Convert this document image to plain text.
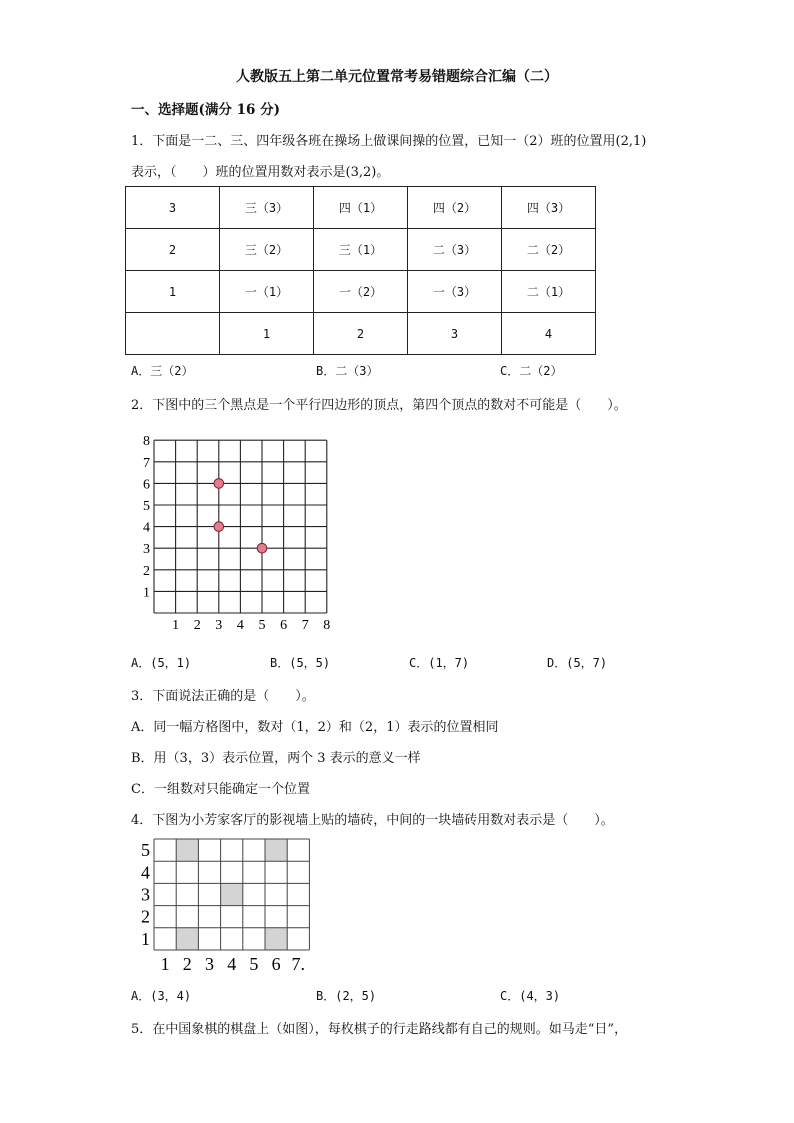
人教版五上第二单元位置常考易错题综合汇编（二）
一、选择题(满分 16 分)
1．下面是一二、三、四年级各班在操场上做课间操的位置，已知一（2）班的位置用(2,1)
表示，（　　）班的位置用数对表示是(3,2)。
3	三（3）	四（1）	四（2）	四（3）
2	三（2）	三（1）	二（3）	二（2）
1	一（1）	一（2）	一（3）	二（1）
	1	2	3	4
A．三（2）	B．二（3）	C．二（2）
2．下图中的三个黑点是一个平行四边形的顶点，第四个顶点的数对不可能是（　　）。
1 2 3 4 5 6 7 8
8
7
6
5
4
3
2
1
A．(5，1)	B．(5，5)	C．(1，7)	D．(5，7)
3．下面说法正确的是（　　）。
A．同一幅方格图中，数对（1，2）和（2，1）表示的位置相同
B．用（3，3）表示位置，两个 3 表示的意义一样
C．一组数对只能确定一个位置
4．下图为小芳家客厅的影视墙上贴的墙砖，中间的一块墙砖用数对表示是（　　）。
1 2 3 4 5 6 7.
5
4
3
2
1
A．(3，4)	B．(2，5)	C．(4，3)
5．在中国象棋的棋盘上（如图），每枚棋子的行走路线都有自己的规则。如马走“日”，
